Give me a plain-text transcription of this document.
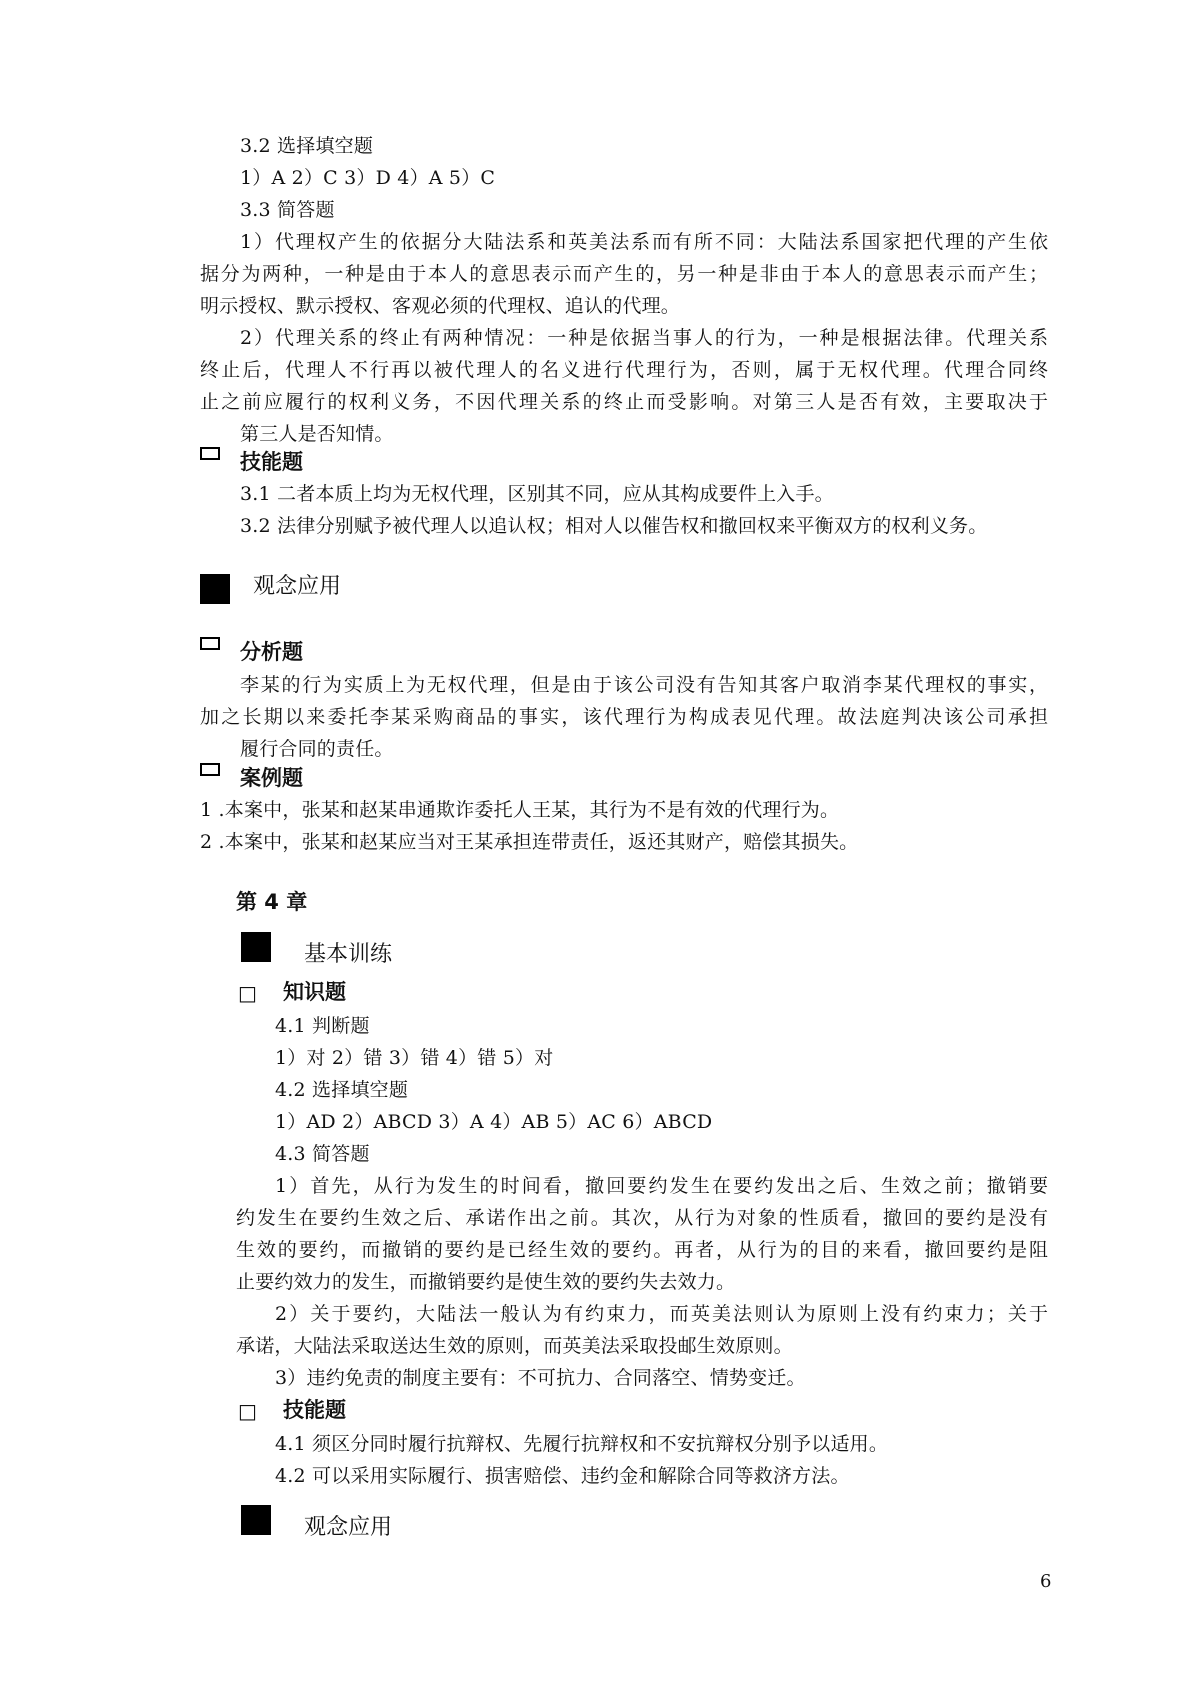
3.2 选择填空题
1）A 2）C 3）D 4）A 5）C
3.3 简答题
1）代理权产生的依据分大陆法系和英美法系而有所不同：大陆法系国家把代理的产生依
据分为两种，一种是由于本人的意思表示而产生的，另一种是非由于本人的意思表示而产生；
明示授权、默示授权、客观必须的代理权、追认的代理。
2）代理关系的终止有两种情况：一种是依据当事人的行为，一种是根据法律。代理关系
终止后，代理人不行再以被代理人的名义进行代理行为，否则，属于无权代理。代理合同终
止之前应履行的权利义务，不因代理关系的终止而受影响。对第三人是否有效，主要取决于
第三人是否知情。
技能题
3.1 二者本质上均为无权代理，区别其不同，应从其构成要件上入手。
3.2 法律分别赋予被代理人以追认权；相对人以催告权和撤回权来平衡双方的权利义务。
观念应用
分析题
李某的行为实质上为无权代理，但是由于该公司没有告知其客户取消李某代理权的事实，
加之长期以来委托李某采购商品的事实，该代理行为构成表见代理。故法庭判决该公司承担
履行合同的责任。
案例题
1 .本案中，张某和赵某串通欺诈委托人王某，其行为不是有效的代理行为。
2 .本案中，张某和赵某应当对王某承担连带责任，返还其财产，赔偿其损失。
第 4 章
基本训练
□ 知识题
4.1 判断题
1）对 2）错 3）错 4）错 5）对
4.2 选择填空题
1）AD 2）ABCD 3）A 4）AB 5）AC 6）ABCD
4.3 简答题
1）首先，从行为发生的时间看，撤回要约发生在要约发出之后、生效之前；撤销要
约发生在要约生效之后、承诺作出之前。其次，从行为对象的性质看，撤回的要约是没有
生效的要约，而撤销的要约是已经生效的要约。再者，从行为的目的来看，撤回要约是阻
止要约效力的发生，而撤销要约是使生效的要约失去效力。
2）关于要约，大陆法一般认为有约束力，而英美法则认为原则上没有约束力；关于
承诺，大陆法采取送达生效的原则，而英美法采取投邮生效原则。
3）违约免责的制度主要有：不可抗力、合同落空、情势变迁。
□ 技能题
4.1 须区分同时履行抗辩权、先履行抗辩权和不安抗辩权分别予以适用。
4.2 可以采用实际履行、损害赔偿、违约金和解除合同等救济方法。
观念应用
6
